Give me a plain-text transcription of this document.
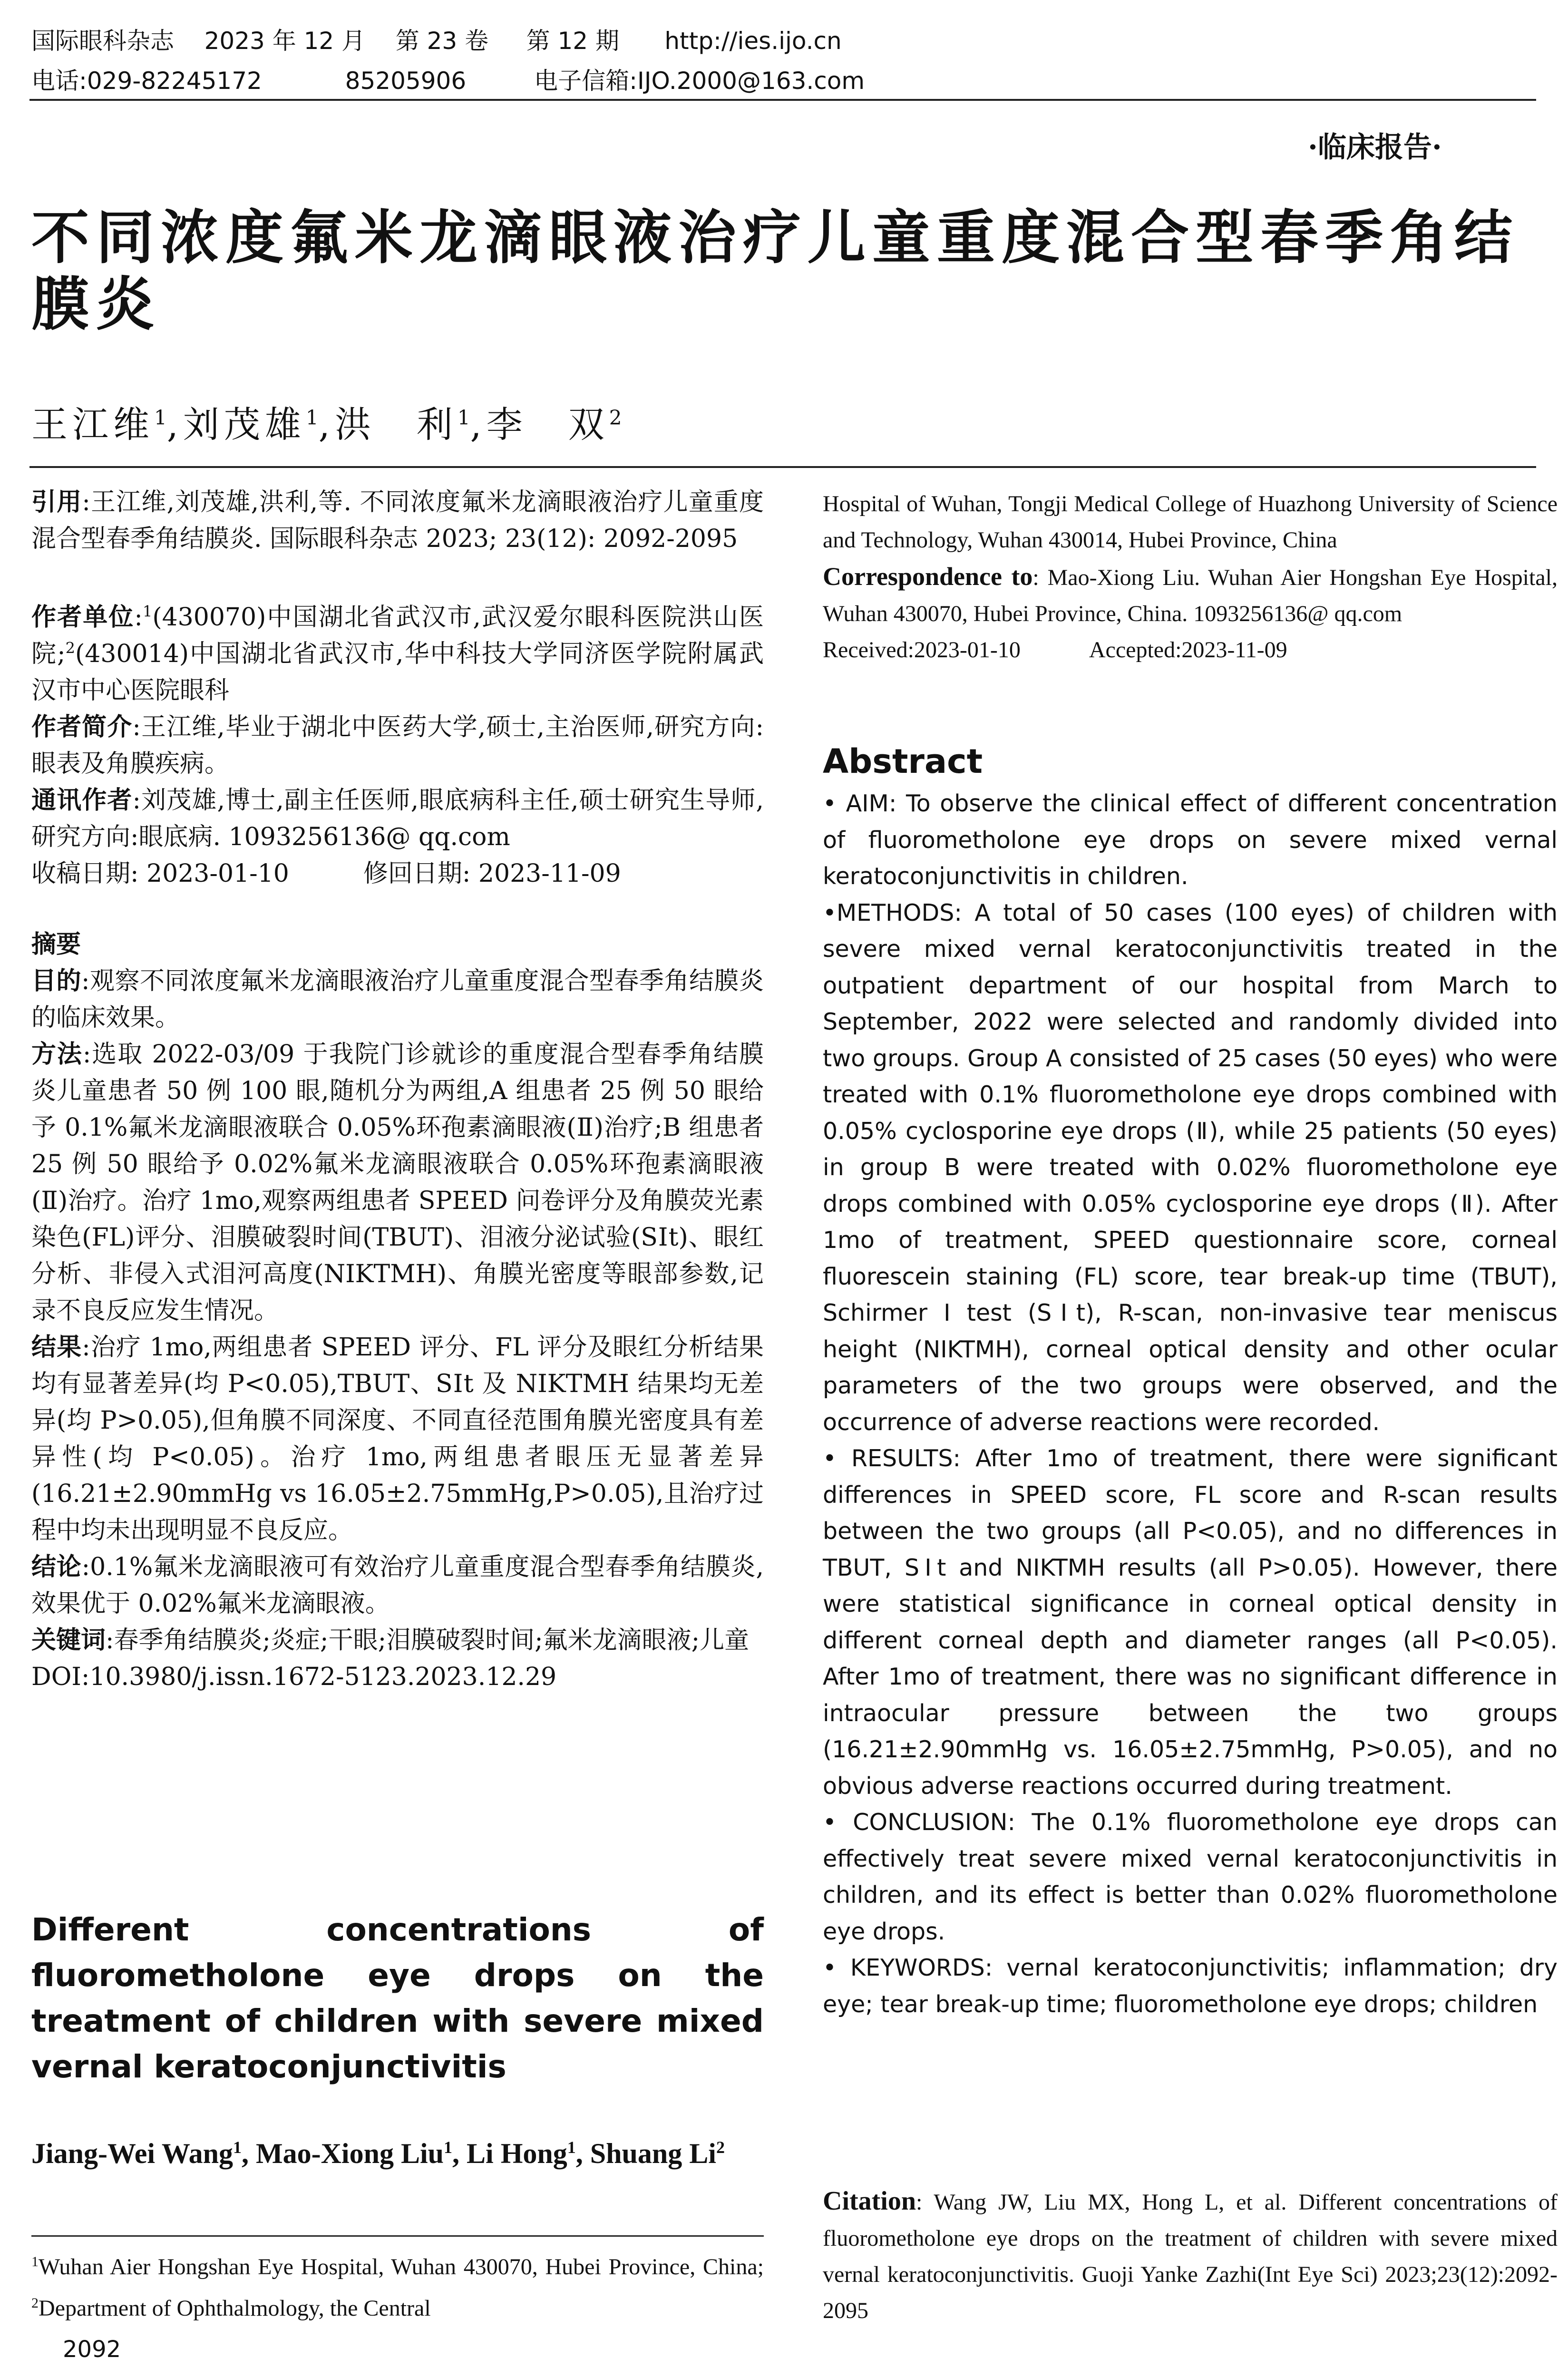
国际眼科杂志    2023 年 12 月    第 23 卷     第 12 期      http://ies.ijo.cn
电话:029-82245172           85205906         电子信箱:IJO.2000@163.com
·临床报告·
不同浓度氟米龙滴眼液治疗儿童重度混合型春季角结
膜炎
王江维$^1$,刘茂雄$^1$,洪　利$^1$,李　双$^2$

引用:王江维,刘茂雄,洪利,等. 不同浓度氟米龙滴眼液治疗儿童重度混合型春季角结膜炎. 国际眼科杂志 2023; 23(12): 2092-2095

作者单位:$^1$(430070)中国湖北省武汉市,武汉爱尔眼科医院洪山医院;$^2$(430014)中国湖北省武汉市,华中科技大学同济医学院附属武汉市中心医院眼科

作者简介:王江维,毕业于湖北中医药大学,硕士,主治医师,研究方向:眼表及角膜疾病。

通讯作者:刘茂雄,博士,副主任医师,眼底病科主任,硕士研究生导师,研究方向:眼底病. 1093256136@ qq.com

收稿日期: 2023-01-10　　　修回日期: 2023-11-09

摘要

目的:观察不同浓度氟米龙滴眼液治疗儿童重度混合型春季角结膜炎的临床效果。

方法:选取 2022-03/09 于我院门诊就诊的重度混合型春季角结膜炎儿童患者 50 例 100 眼,随机分为两组,A 组患者 25 例 50 眼给予 0.1%氟米龙滴眼液联合 0.05%环孢素滴眼液(Ⅱ)治疗;B 组患者 25 例 50 眼给予 0.02%氟米龙滴眼液联合 0.05%环孢素滴眼液(Ⅱ)治疗。治疗 1mo,观察两组患者 SPEED 问卷评分及角膜荧光素染色(FL)评分、泪膜破裂时间(TBUT)、泪液分泌试验(SⅠt)、眼红分析、非侵入式泪河高度(NIKTMH)、角膜光密度等眼部参数,记录不良反应发生情况。

结果:治疗 1mo,两组患者 SPEED 评分、FL 评分及眼红分析结果均有显著差异(均 P<0.05),TBUT、SⅠt 及 NIKTMH 结果均无差异(均 P>0.05),但角膜不同深度、不同直径范围角膜光密度具有差异性(均 P<0.05)。治疗 1mo,两组患者眼压无显著差异(16.21±2.90mmHg vs 16.05±2.75mmHg,P>0.05),且治疗过程中均未出现明显不良反应。

结论:0.1%氟米龙滴眼液可有效治疗儿童重度混合型春季角结膜炎,效果优于 0.02%氟米龙滴眼液。

关键词:春季角结膜炎;炎症;干眼;泪膜破裂时间;氟米龙滴眼液;儿童

DOI:10.3980/j.issn.1672-5123.2023.12.29

Different concentrations of fluorometholone eye drops on the treatment of children with severe mixed vernal keratoconjunctivitis
Jiang-Wei Wang$^1$, Mao-Xiong Liu$^1$, Li Hong$^1$, Shuang Li$^2$
$^1$Wuhan Aier Hongshan Eye Hospital, Wuhan 430070, Hubei Province, China; $^2$Department of Ophthalmology, the Central
Hospital of Wuhan, Tongji Medical College of Huazhong University of Science and Technology, Wuhan 430014, Hubei Province, China
Correspondence to: Mao-Xiong Liu. Wuhan Aier Hongshan Eye Hospital, Wuhan 430070, Hubei Province, China. 1093256136@ qq.com
Received:2023-01-10　　　Accepted:2023-11-09
Abstract

• AIM: To observe the clinical effect of different concentration of fluorometholone eye drops on severe mixed vernal keratoconjunctivitis in children.

•METHODS: A total of 50 cases (100 eyes) of children with severe mixed vernal keratoconjunctivitis treated in the outpatient department of our hospital from March to September, 2022 were selected and randomly divided into two groups. Group A consisted of 25 cases (50 eyes) who were treated with 0.1% fluorometholone eye drops combined with 0.05% cyclosporine eye drops (Ⅱ), while 25 patients (50 eyes) in group B were treated with 0.02% fluorometholone eye drops combined with 0.05% cyclosporine eye drops (Ⅱ). After 1mo of treatment, SPEED questionnaire score, corneal fluorescein staining (FL) score, tear break-up time (TBUT), Schirmer I test (SⅠt), R-scan, non-invasive tear meniscus height (NIKTMH), corneal optical density and other ocular parameters of the two groups were observed, and the occurrence of adverse reactions were recorded.

• RESULTS: After 1mo of treatment, there were significant differences in SPEED score, FL score and R-scan results between the two groups (all P<0.05), and no differences in TBUT, SⅠt and NIKTMH results (all P>0.05). However, there were statistical significance in corneal optical density in different corneal depth and diameter ranges (all P<0.05). After 1mo of treatment, there was no significant difference in intraocular pressure between the two groups (16.21±2.90mmHg vs. 16.05±2.75mmHg, P>0.05), and no obvious adverse reactions occurred during treatment.

• CONCLUSION: The 0.1% fluorometholone eye drops can effectively treat severe mixed vernal keratoconjunctivitis in children, and its effect is better than 0.02% fluorometholone eye drops.

• KEYWORDS: vernal keratoconjunctivitis; inflammation; dry eye; tear break-up time; fluorometholone eye drops; children

Citation: Wang JW, Liu MX, Hong L, et al. Different concentrations of fluorometholone eye drops on the treatment of children with severe mixed vernal keratoconjunctivitis. Guoji Yanke Zazhi(Int Eye Sci) 2023;23(12):2092-2095
2092
